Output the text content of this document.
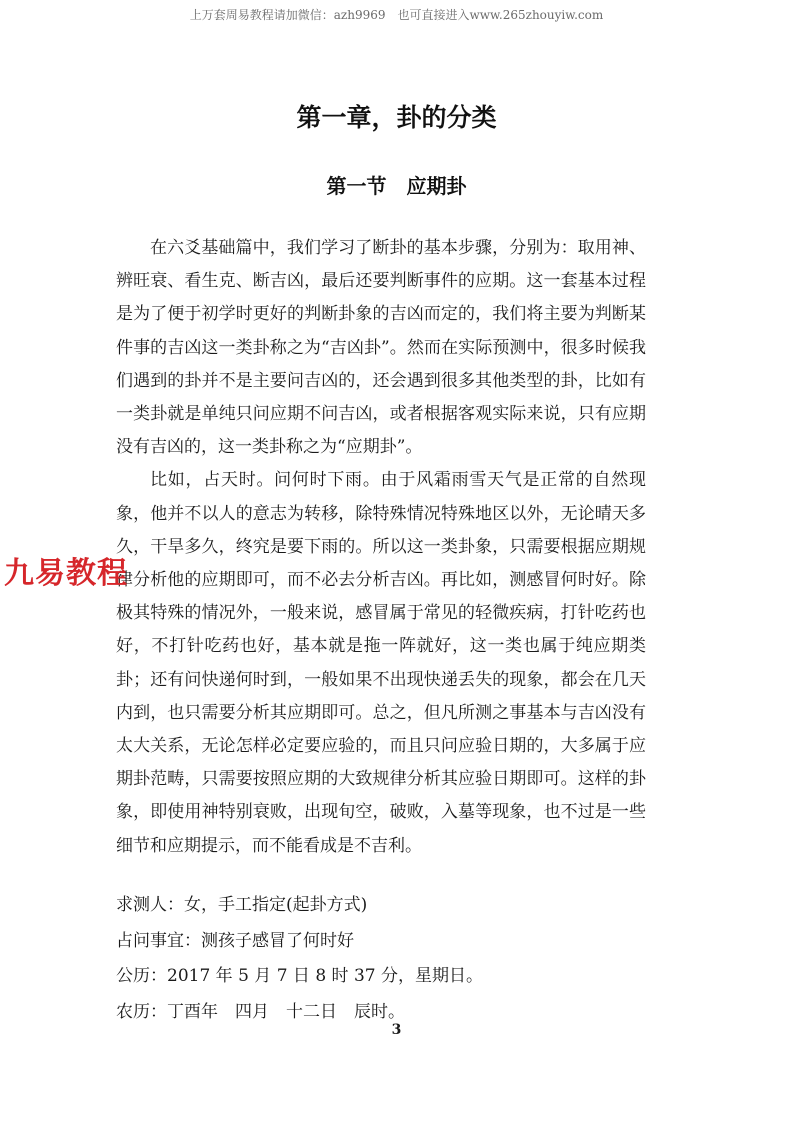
上万套周易教程请加微信：azh9969　也可直接进入www.265zhouyiw.com
第一章，卦的分类
第一节　应期卦

在六爻基础篇中，我们学习了断卦的基本步骤，分别为：取用神、辨旺衰、看生克、断吉凶，最后还要判断事件的应期。这一套基本过程是为了便于初学时更好的判断卦象的吉凶而定的，我们将主要为判断某件事的吉凶这一类卦称之为“吉凶卦”。然而在实际预测中，很多时候我们遇到的卦并不是主要问吉凶的，还会遇到很多其他类型的卦，比如有一类卦就是单纯只问应期不问吉凶，或者根据客观实际来说，只有应期没有吉凶的，这一类卦称之为“应期卦”。

比如，占天时。问何时下雨。由于风霜雨雪天气是正常的自然现象，他并不以人的意志为转移，除特殊情况特殊地区以外，无论晴天多久，干旱多久，终究是要下雨的。所以这一类卦象，只需要根据应期规律分析他的应期即可，而不必去分析吉凶。再比如，测感冒何时好。除极其特殊的情况外，一般来说，感冒属于常见的轻微疾病，打针吃药也好，不打针吃药也好，基本就是拖一阵就好，这一类也属于纯应期类卦；还有问快递何时到，一般如果不出现快递丢失的现象，都会在几天内到，也只需要分析其应期即可。总之，但凡所测之事基本与吉凶没有太大关系，无论怎样必定要应验的，而且只问应验日期的，大多属于应期卦范畴，只需要按照应期的大致规律分析其应验日期即可。这样的卦象，即使用神特别衰败，出现旬空，破败，入墓等现象，也不过是一些细节和应期提示，而不能看成是不吉利。

九易教程
求测人：女，手工指定(起卦方式)
占问事宜：测孩子感冒了何时好
公历：2017 年 5 月 7 日 8 时 37 分，星期日。
农历：丁酉年　四月　十二日　辰时。
3
